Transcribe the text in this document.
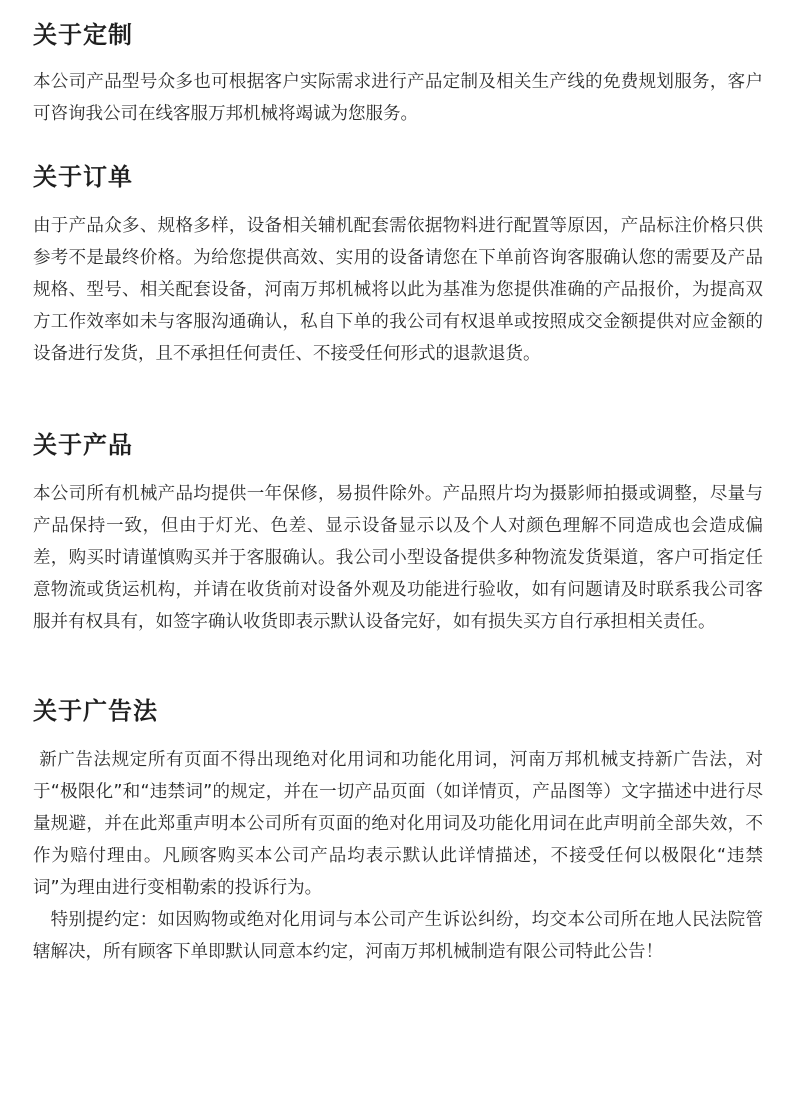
关于定制

本公司产品型号众多也可根据客户实际需求进行产品定制及相关生产线的免费规划服务，客户可咨询我公司在线客服万邦机械将竭诚为您服务。

关于订单

由于产品众多、规格多样，设备相关辅机配套需依据物料进行配置等原因，产品标注价格只供参考不是最终价格。为给您提供高效、实用的设备请您在下单前咨询客服确认您的需要及产品规格、型号、相关配套设备，河南万邦机械将以此为基准为您提供准确的产品报价，为提高双方工作效率如未与客服沟通确认，私自下单的我公司有权退单或按照成交金额提供对应金额的设备进行发货，且不承担任何责任、不接受任何形式的退款退货。

关于产品

本公司所有机械产品均提供一年保修，易损件除外。产品照片均为摄影师拍摄或调整，尽量与产品保持一致，但由于灯光、色差、显示设备显示以及个人对颜色理解不同造成也会造成偏差，购买时请谨慎购买并于客服确认。我公司小型设备提供多种物流发货渠道，客户可指定任意物流或货运机构，并请在收货前对设备外观及功能进行验收，如有问题请及时联系我公司客服并有权具有，如签字确认收货即表示默认设备完好，如有损失买方自行承担相关责任。

关于广告法

新广告法规定所有页面不得出现绝对化用词和功能化用词，河南万邦机械支持新广告法，对于“极限化”和“违禁词”的规定，并在一切产品页面（如详情页，产品图等）文字描述中进行尽量规避，并在此郑重声明本公司所有页面的绝对化用词及功能化用词在此声明前全部失效，不作为赔付理由。凡顾客购买本公司产品均表示默认此详情描述，不接受任何以极限化“违禁词”为理由进行变相勒索的投诉行为。

特别提约定：如因购物或绝对化用词与本公司产生诉讼纠纷，均交本公司所在地人民法院管辖解决，所有顾客下单即默认同意本约定，河南万邦机械制造有限公司特此公告！
